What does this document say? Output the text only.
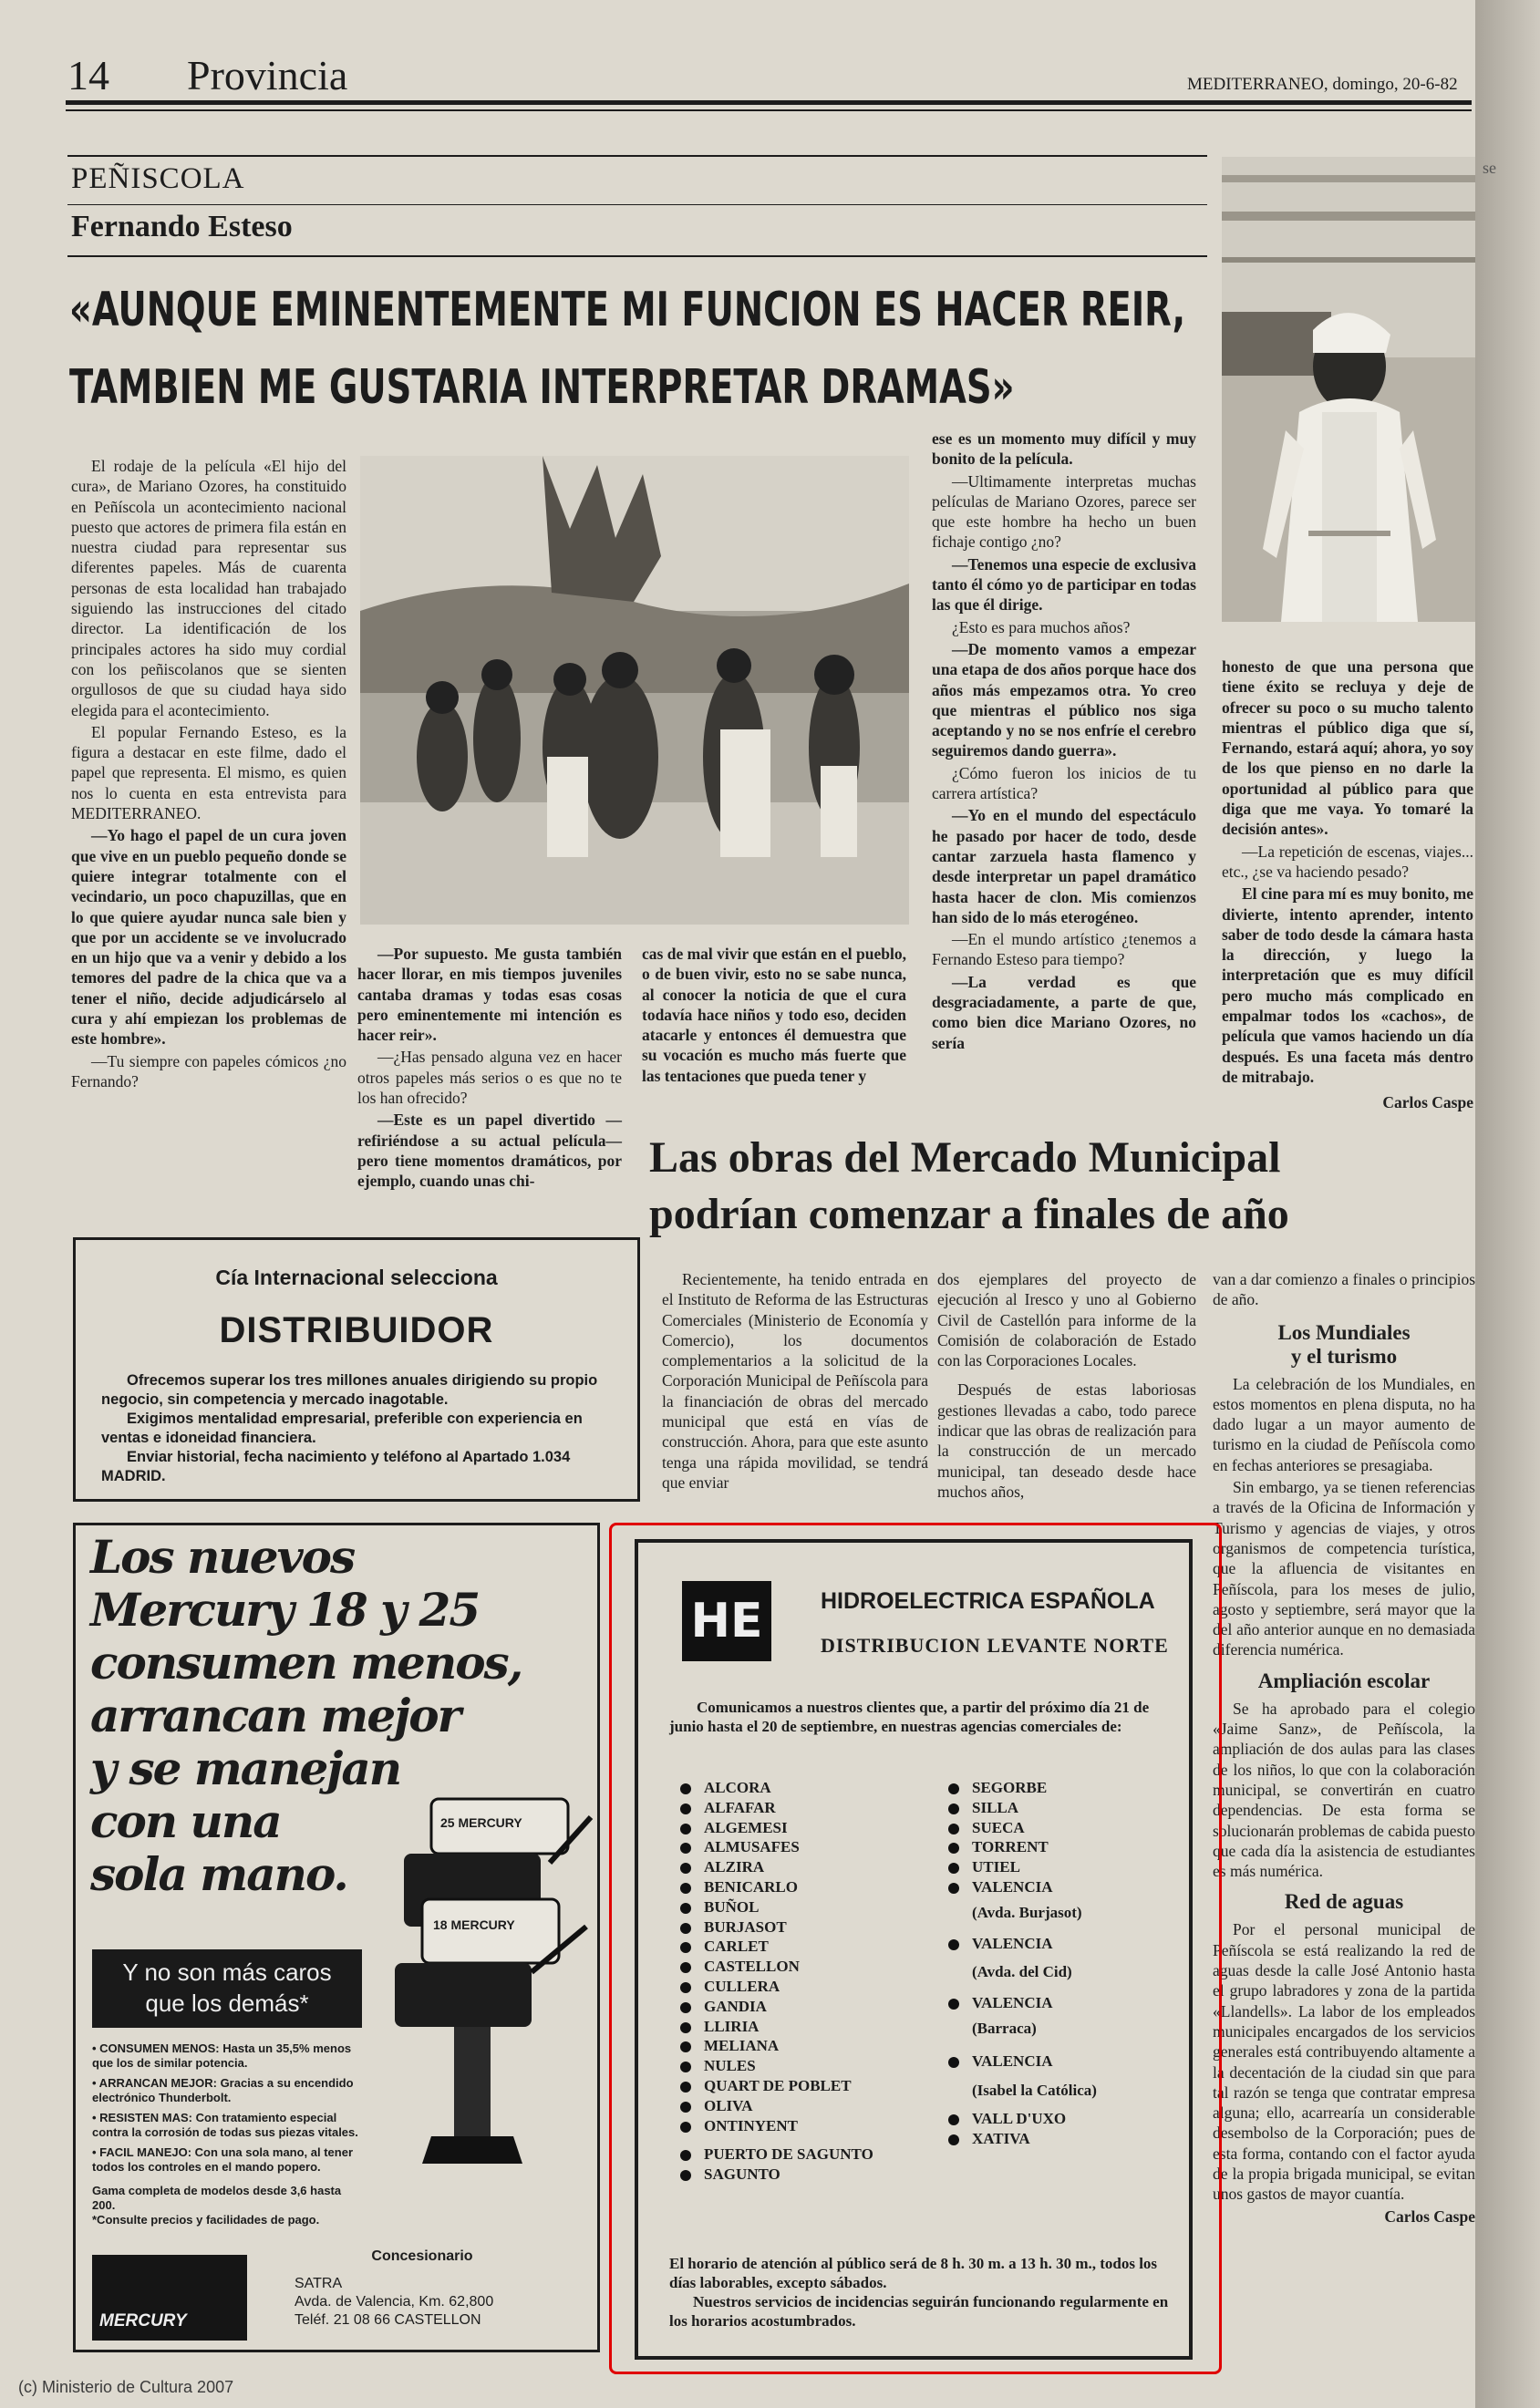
14 Provincia	MEDITERRANEO, domingo, 20-6-82
PEÑISCOLA
Fernando Esteso
«AUNQUE EMINENTEMENTE MI FUNCION ES HACER REIR,
TAMBIEN ME GUSTARIA INTERPRETAR DRAMAS»

El rodaje de la película «El hijo del cura», de Mariano Ozores, ha constituido en Peñíscola un acontecimiento nacional puesto que actores de primera fila están en nuestra ciudad para representar sus diferentes papeles. Más de cuarenta personas de esta localidad han trabajado siguiendo las instrucciones del citado director. La identificación de los principales actores ha sido muy cordial con los peñiscolanos que se sienten orgullosos de que su ciudad haya sido elegida para el acontecimiento.

El popular Fernando Esteso, es la figura a destacar en este filme, dado el papel que representa. El mismo, es quien nos lo cuenta en esta entrevista para MEDITERRANEO.

—Yo hago el papel de un cura joven que vive en un pueblo pequeño donde se quiere integrar totalmente con el vecindario, un poco chapuzillas, que en lo que quiere ayudar nunca sale bien y que por un accidente se ve involucrado en un hijo que va a venir y debido a los temores del padre de la chica que va a tener el niño, decide adjudicárselo al cura y ahí empiezan los problemas de este hombre».

—Tu siempre con papeles cómicos ¿no Fernando?

—Por supuesto. Me gusta también hacer llorar, en mis tiempos juveniles cantaba dramas y todas esas cosas pero eminentemente mi intención es hacer reir».

—¿Has pensado alguna vez en hacer otros papeles más serios o es que no te los han ofrecido?

—Este es un papel divertido —refiriéndose a su actual película— pero tiene momentos dramáticos, por ejemplo, cuando unas chi-

cas de mal vivir que están en el pueblo, o de buen vivir, esto no se sabe nunca, al conocer la noticia de que el cura todavía hace niños y todo eso, deciden atacarle y entonces él demuestra que su vocación es mucho más fuerte que las tentaciones que pueda tener y

ese es un momento muy difícil y muy bonito de la película.

—Ultimamente interpretas muchas películas de Mariano Ozores, parece ser que este hombre ha hecho un buen fichaje contigo ¿no?

—Tenemos una especie de exclusiva tanto él cómo yo de participar en todas las que él dirige.

¿Esto es para muchos años?

—De momento vamos a empezar una etapa de dos años porque hace dos años más empezamos otra. Yo creo que mientras el público nos siga aceptando y no se nos enfríe el cerebro seguiremos dando guerra».

¿Cómo fueron los inicios de tu carrera artística?

—Yo en el mundo del espectáculo he pasado por hacer de todo, desde cantar zarzuela hasta flamenco y desde interpretar un papel dramático hasta hacer de clon. Mis comienzos han sido de lo más eterogéneo.

—En el mundo artístico ¿tenemos a Fernando Esteso para tiempo?

—La verdad es que desgraciadamente, a parte de que, como bien dice Mariano Ozores, no sería

honesto de que una persona que tiene éxito se recluya y deje de ofrecer su poco o su mucho talento mientras el público diga que sí, Fernando, estará aquí; ahora, yo soy de los que pienso en no darle la oportunidad al público para que diga que me vaya. Yo tomaré la decisión antes».

—La repetición de escenas, viajes... etc., ¿se va haciendo pesado?

El cine para mí es muy bonito, me divierte, intento aprender, intento saber de todo desde la cámara hasta la dirección, y luego la interpretación que es muy difícil pero mucho más complicado en empalmar todos los «cachos», de película que vamos haciendo un día después. Es una faceta más dentro de mitrabajo.

Carlos Caspe

Las obras del Mercado Municipal
podrían comenzar a finales de año

Recientemente, ha tenido entrada en el Instituto de Reforma de las Estructuras Comerciales (Ministerio de Economía y Comercio), los documentos complementarios a la solicitud de la Corporación Municipal de Peñíscola para la financiación de obras del mercado municipal que está en vías de construcción. Ahora, para que este asunto tenga una rápida movilidad, se tendrá que enviar

dos ejemplares del proyecto de ejecución al Iresco y uno al Gobierno Civil de Castellón para informe de la Comisión de colaboración de Estado con las Corporaciones Locales.

Después de estas laboriosas gestiones llevadas a cabo, todo parece indicar que las obras de realización para la construcción de un mercado municipal, tan deseado desde hace muchos años,

van a dar comienzo a finales o principios de año.

Los Mundiales
y el turismo

La celebración de los Mundiales, en estos momentos en plena disputa, no ha dado lugar a un mayor aumento de turismo en la ciudad de Peñíscola como en fechas anteriores se presagiaba.

Sin embargo, ya se tienen referencias a través de la Oficina de Información y Turismo y agencias de viajes, y otros organismos de competencia turística, que la afluencia de visitantes en Peñíscola, para los meses de julio, agosto y septiembre, será mayor que la del año anterior aunque en no demasiada diferencia numérica.

Ampliación escolar

Se ha aprobado para el colegio «Jaime Sanz», de Peñíscola, la ampliación de dos aulas para las clases de los niños, lo que con la colaboración municipal, se convertirán en cuatro dependencias. De esta forma se solucionarán problemas de cabida puesto que cada día la asistencia de estudiantes es más numérica.

Red de aguas

Por el personal municipal de Peñíscola se está realizando la red de aguas desde la calle José Antonio hasta el grupo labradores y zona de la partida «Llandells». La labor de los empleados municipales encargados de los servicios generales está contribuyendo altamente a la decentación de la ciudad sin que para tal razón se tenga que contratar empresa alguna; ello, acarrearía un considerable desembolso de la Corporación; pues de esta forma, contando con el factor ayuda de la propia brigada municipal, se evitan unos gastos de mayor cuantía.

Carlos Caspe

Cía Internacional selecciona
DISTRIBUIDOR
Ofrecemos superar los tres millones anuales dirigiendo su propio negocio, sin competencia y mercado inagotable.
Exigimos mentalidad empresarial, preferible con experiencia en ventas e idoneidad financiera.
Enviar historial, fecha nacimiento y teléfono al Apartado 1.034 MADRID.
Los nuevos
Mercury 18 y 25
consumen menos,
arrancan mejor
y se manejan
con una
sola mano.
25 MERCURY
18 MERCURY
Y no son más caros
que los demás*
• CONSUMEN MENOS: Hasta un 35,5% menos que los de similar potencia.
• ARRANCAN MEJOR: Gracias a su encendido electrónico Thunderbolt.
• RESISTEN MAS: Con tratamiento especial contra la corrosión de todas sus piezas vitales.
• FACIL MANEJO: Con una sola mano, al tener todos los controles en el mando popero.
Gama completa de modelos desde 3,6 hasta 200.
*Consulte precios y facilidades de pago.
MERCURY
Concesionario
SATRA
Avda. de Valencia, Km. 62,800
Teléf. 21 08 66 CASTELLON
HE	HIDROELECTRICA ESPAÑOLA
DISTRIBUCION LEVANTE NORTE
Comunicamos a nuestros clientes que, a partir del próximo día 21 de junio hasta el 20 de septiembre, en nuestras agencias comerciales de:
ALCORA
ALFAFAR
ALGEMESI
ALMUSAFES
ALZIRA
BENICARLO
BUÑOL
BURJASOT
CARLET
CASTELLON
CULLERA
GANDIA
LLIRIA
MELIANA
NULES
QUART DE POBLET
OLIVA
ONTINYENT
PUERTO DE SAGUNTO
SAGUNTO
SEGORBE
SILLA
SUECA
TORRENT
UTIEL
VALENCIA
(Avda. Burjasot)
VALENCIA
(Avda. del Cid)
VALENCIA
(Barraca)
VALENCIA
(Isabel la Católica)
VALL D'UXO
XATIVA
El horario de atención al público será de 8 h. 30 m. a 13 h. 30 m., todos los días laborables, excepto sábados.
Nuestros servicios de incidencias seguirán funcionando regularmente en los horarios acostumbrados.
se
(c) Ministerio de Cultura 2007
